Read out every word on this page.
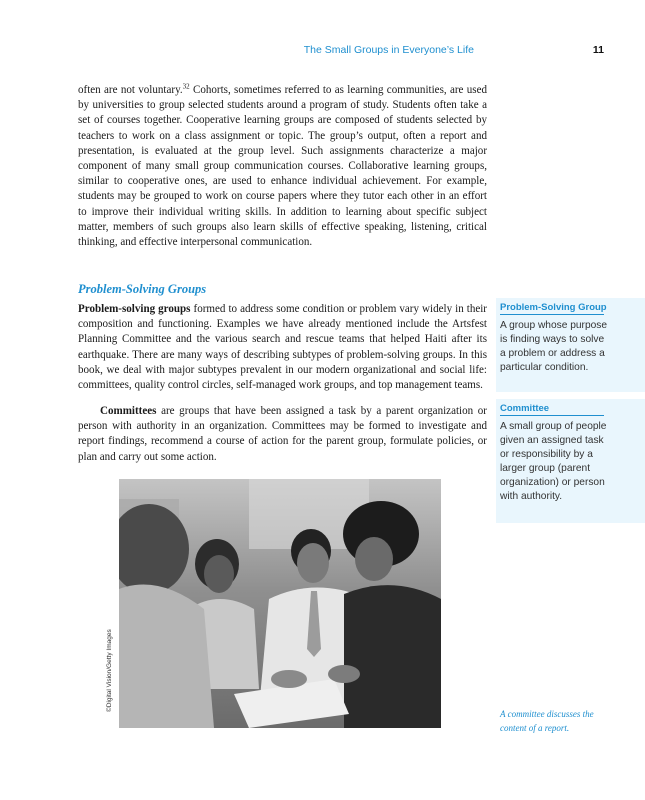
The Small Groups in Everyone’s Life	11

often are not voluntary.$^{32}$ Cohorts, sometimes referred to as learning communities, are used by universities to group selected students around a program of study. Students often take a set of courses together. Cooperative learning groups are composed of students selected by teachers to work on a class assignment or topic. The group’s output, often a report and presentation, is evaluated at the group level. Such assignments characterize a major component of many small group communication courses. Collaborative learning groups, similar to cooperative ones, are used to enhance individual achievement. For example, students may be grouped to work on course papers where they tutor each other in an effort to improve their individual writing skills. In addition to learning about specific subject matter, members of such groups also learn skills of effective speaking, listening, critical thinking, and effective interpersonal communication.

Problem-Solving Groups

Problem-solving groups formed to address some condition or problem vary widely in their composition and functioning. Examples we have already mentioned include the Artsfest Planning Committee and the various search and rescue teams that helped Haiti after its earthquake. There are many ways of describing subtypes of problem-solving groups. In this book, we deal with major subtypes prevalent in our modern organizational and social life: committees, quality control circles, self-managed work groups, and top management teams.

Committees are groups that have been assigned a task by a parent organization or person with authority in an organization. Committees may be formed to investigate and report findings, recommend a course of action for the parent group, formulate policies, or plan and carry out some action.

Problem-Solving Group
A group whose purpose is finding ways to solve a problem or address a particular condition.
Committee
A small group of people given an assigned task or responsibility by a larger group (parent organization) or person with authority.
©Digital Vision/Getty Images

A committee discusses the content of a report.
